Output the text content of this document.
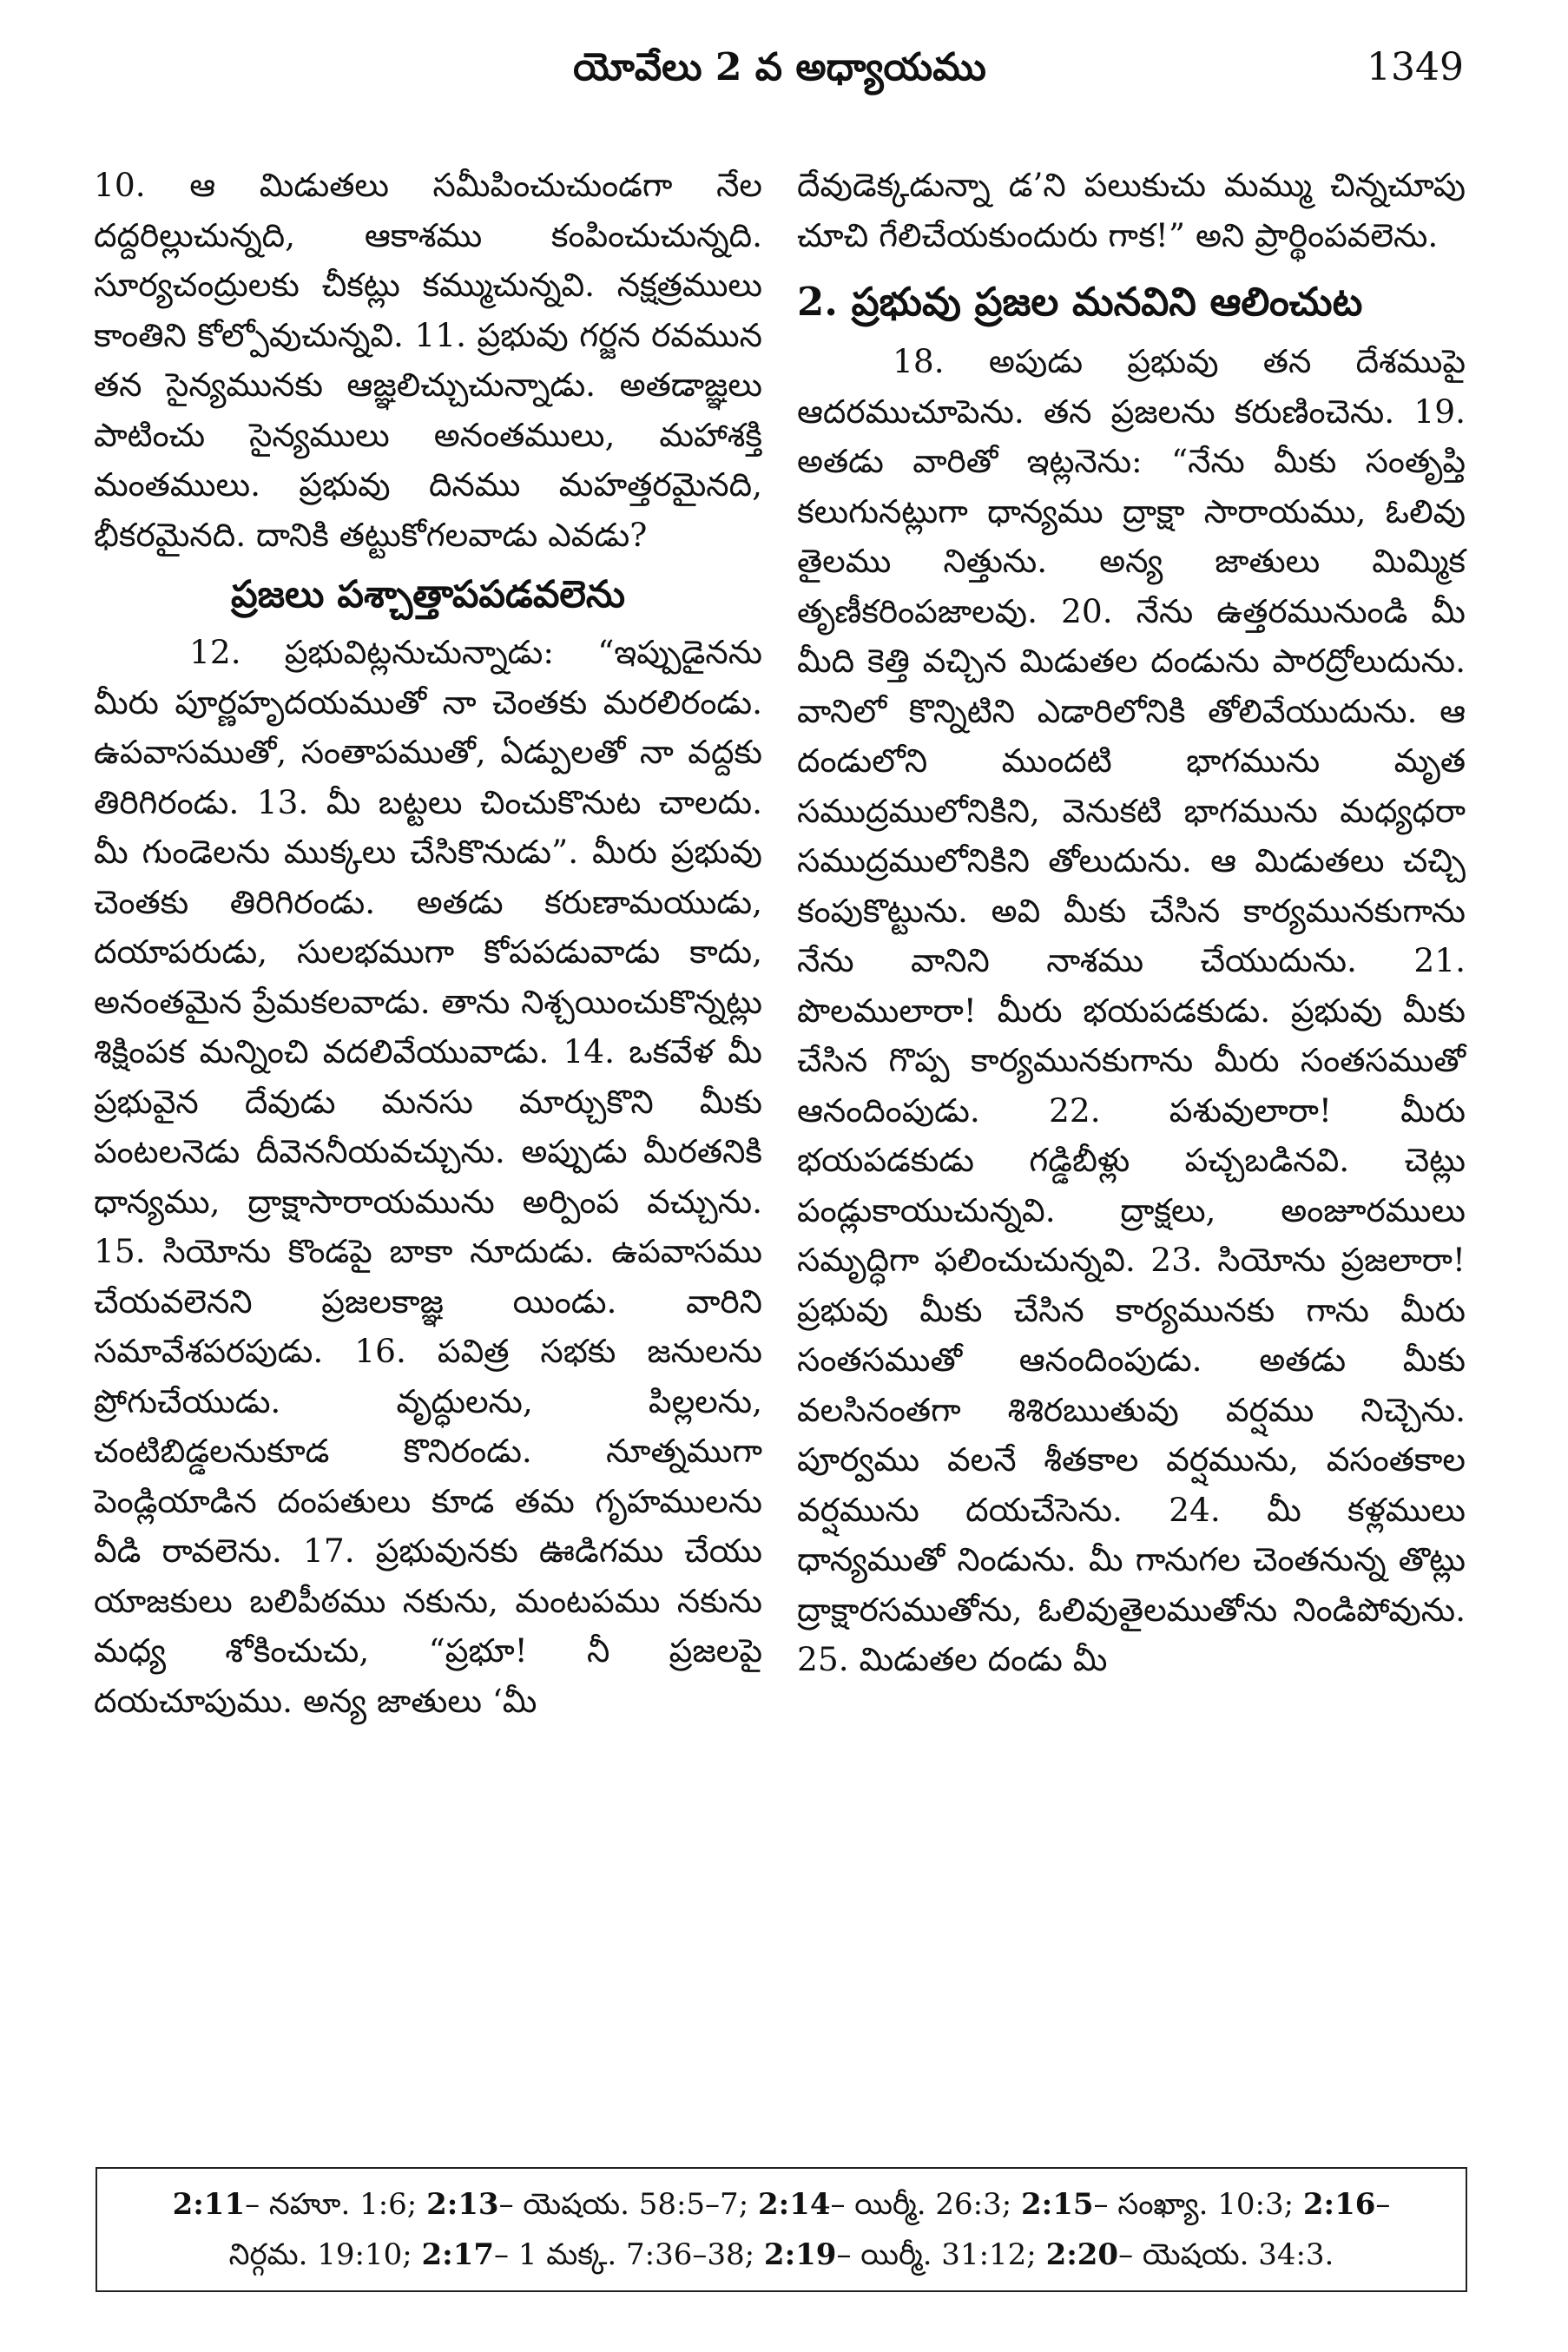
యోవేలు 2 వ అధ్యాయము	1349

10. ఆ మిడుతలు సమీపించుచుండగా నేల దద్దరిల్లుచున్నది, ఆకాశము కంపించుచున్నది. సూర్యచంద్రులకు చీకట్లు కమ్ముచున్నవి. నక్షత్రములు కాంతిని కోల్పోవుచున్నవి. 11. ప్రభువు గర్జన రవమున తన సైన్యమునకు ఆజ్ఞలిచ్చుచున్నాడు. అతడాజ్ఞలు పాటించు సైన్యములు అనంతములు, మహాశక్తి మంతములు. ప్రభువు దినము మహత్తరమైనది, భీకరమైనది. దానికి తట్టుకోగలవాడు ఎవడు?

ప్రజలు పశ్చాత్తాపపడవలెను

12. ప్రభువిట్లనుచున్నాడు: “ఇప్పుడైనను మీరు పూర్ణహృదయముతో నా చెంతకు మరలిరండు. ఉపవాసముతో, సంతాపముతో, ఏడ్పులతో నా వద్దకు తిరిగిరండు. 13. మీ బట్టలు చించుకొనుట చాలదు. మీ గుండెలను ముక్కలు చేసికొనుడు”. మీరు ప్రభువు చెంతకు తిరిగిరండు. అతడు కరుణామయుడు, దయాపరుడు, సులభముగా కోపపడువాడు కాదు, అనంతమైన ప్రేమకలవాడు. తాను నిశ్చయించుకొన్నట్లు శిక్షింపక మన్నించి వదలివేయువాడు. 14. ఒకవేళ మీ ప్రభువైన దేవుడు మనసు మార్చుకొని మీకు పంటలనెడు దీవెననీయవచ్చును. అప్పుడు మీరతనికి ధాన్యము, ద్రాక్షాసారాయమును అర్పింప వచ్చును. 15. సియోను కొండపై బాకా నూదుడు. ఉపవాసము చేయవలెనని ప్రజలకాజ్ఞ యిండు. వారిని సమావేశపరపుడు. 16. పవిత్ర సభకు జనులను ప్రోగుచేయుడు. వృద్ధులను, పిల్లలను, చంటిబిడ్డలనుకూడ కొనిరండు. నూత్నముగా పెండ్లియాడిన దంపతులు కూడ తమ గృహములను వీడి రావలెను. 17. ప్రభువునకు ఊడిగము చేయు యాజకులు బలిపీఠము నకును, మంటపము నకును మధ్య శోకించుచు, “ప్రభూ! నీ ప్రజలపై దయచూపుము. అన్య జాతులు ‘మీ

దేవుడెక్కడున్నా డ’ని పలుకుచు మమ్ము చిన్నచూపు చూచి గేలిచేయకుందురు గాక!” అని ప్రార్థింపవలెను.

2. ప్రభువు ప్రజల మనవిని ఆలించుట

18. అపుడు ప్రభువు తన దేశముపై ఆదరముచూపెను. తన ప్రజలను కరుణించెను. 19. అతడు వారితో ఇట్లనెను: “నేను మీకు సంతృప్తి కలుగునట్లుగా ధాన్యము ద్రాక్షా సారాయము, ఓలివు తైలము నిత్తును. అన్య జాతులు మిమ్మిక తృణీకరింపజాలవు. 20. నేను ఉత్తరమునుండి మీ మీది కెత్తి వచ్చిన మిడుతల దండును పారద్రోలుదును. వానిలో కొన్నిటిని ఎడారిలోనికి తోలివేయుదును. ఆ దండులోని ముందటి భాగమును మృత సముద్రములోనికిని, వెనుకటి భాగమును మధ్యధరా సముద్రములోనికిని తోలుదును. ఆ మిడుతలు చచ్చి కంపుకొట్టును. అవి మీకు చేసిన కార్యమునకుగాను నేను వానిని నాశము చేయుదును. 21. పొలములారా! మీరు భయపడకుడు. ప్రభువు మీకు చేసిన గొప్ప కార్యమునకుగాను మీరు సంతసముతో ఆనందింపుడు. 22. పశువులారా! మీరు భయపడకుడు గడ్డిబీళ్లు పచ్చబడినవి. చెట్లు పండ్లుకాయుచున్నవి. ద్రాక్షలు, అంజూరములు సమృద్ధిగా ఫలించుచున్నవి. 23. సియోను ప్రజలారా! ప్రభువు మీకు చేసిన కార్యమునకు గాను మీరు సంతసముతో ఆనందింపుడు. అతడు మీకు వలసినంతగా శిశిరఋతువు వర్షము నిచ్చెను. పూర్వము వలనే శీతకాల వర్షమును, వసంతకాల వర్షమును దయచేసెను. 24. మీ కళ్లములు ధాన్యముతో నిండును. మీ గానుగల చెంతనున్న తొట్లు ద్రాక్షారసముతోను, ఓలివుతైలముతోను నిండిపోవును. 25. మిడుతల దండు మీ

2:11– నహూ. 1:6; 2:13– యెషయ. 58:5–7; 2:14– యిర్మీ. 26:3; 2:15– సంఖ్యా. 10:3; 2:16–
నిర్గమ. 19:10; 2:17– 1 మక్క. 7:36–38; 2:19– యిర్మీ. 31:12; 2:20– యెషయ. 34:3.
